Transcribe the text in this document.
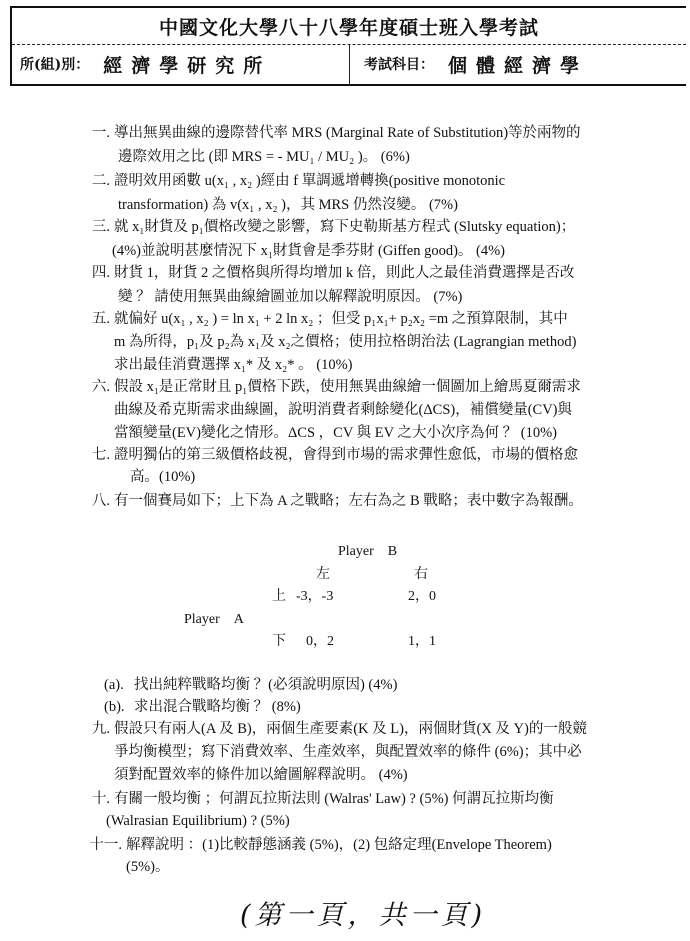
中國文化大學八十八學年度碩士班入學考試
所(組)別： 經濟學研究所	考試科目： 個體經濟學
一. 導出無異曲線的邊際替代率 MRS (Marginal Rate of Substitution)等於兩物的
邊際效用之比 (即 MRS = - MU₁ / MU₂ )。 (6%)
二. 證明效用函數 u(x₁ , x₂ )經由 f 單調遞增轉換(positive monotonic
transformation) 為 v(x₁ , x₂ )，其 MRS 仍然沒變。 (7%)
三. 就 x₁財貨及 p₁價格改變之影響，寫下史勒斯基方程式 (Slutsky equation)；
(4%)並說明甚麼情況下 x₁財貨會是季芬財 (Giffen good)。 (4%)
四. 財貨 1，財貨 2 之價格與所得均增加 k 倍，則此人之最佳消費選擇是否改
變 ？ 請使用無異曲線繪圖並加以解釋說明原因。 (7%)
五. 就偏好 u(x₁ , x₂ ) = ln x₁ + 2 ln x₂ ；但受 p₁x₁+ p₂x₂ =m 之預算限制，其中
m 為所得，p₁及 p₂為 x₁及 x₂之價格；使用拉格朗治法 (Lagrangian method)
求出最佳消費選擇 x₁* 及 x₂* 。 (10%)
六. 假設 x₁是正常財且 p₁價格下跌，使用無異曲線繪一個圖加上繪馬夏爾需求
曲線及希克斯需求曲線圖，說明消費者剩餘變化(ΔCS)，補償變量(CV)與
當額變量(EV)變化之情形。ΔCS ，CV 與 EV 之大小次序為何 ？ (10%)
七. 證明獨佔的第三級價格歧視，會得到市場的需求彈性愈低，市場的價格愈
高。(10%)
八. 有一個賽局如下；上下為 A 之戰略；左右為之 B 戰略；表中數字為報酬。
Player　B
左	右
上 -3，-3	2，0
Player　A
下 0，2	1，1
(a). 找出純粹戰略均衡 ？(必須說明原因) (4%)
(b). 求出混合戰略均衡 ？ (8%)
九. 假設只有兩人(A 及 B)，兩個生產要素(K 及 L)，兩個財貨(X 及 Y)的一般競
爭均衡模型；寫下消費效率、生產效率，與配置效率的條件 (6%)；其中必
須對配置效率的條件加以繪圖解釋說明。 (4%)
十. 有關一般均衡 ；何謂瓦拉斯法則 (Walras' Law) ? (5%) 何謂瓦拉斯均衡
(Walrasian Equilibrium) ? (5%)
十一. 解釋說明 ：(1)比較靜態涵義 (5%)，(2) 包絡定理(Envelope Theorem)
(5%)。
(第一頁，共一頁)
